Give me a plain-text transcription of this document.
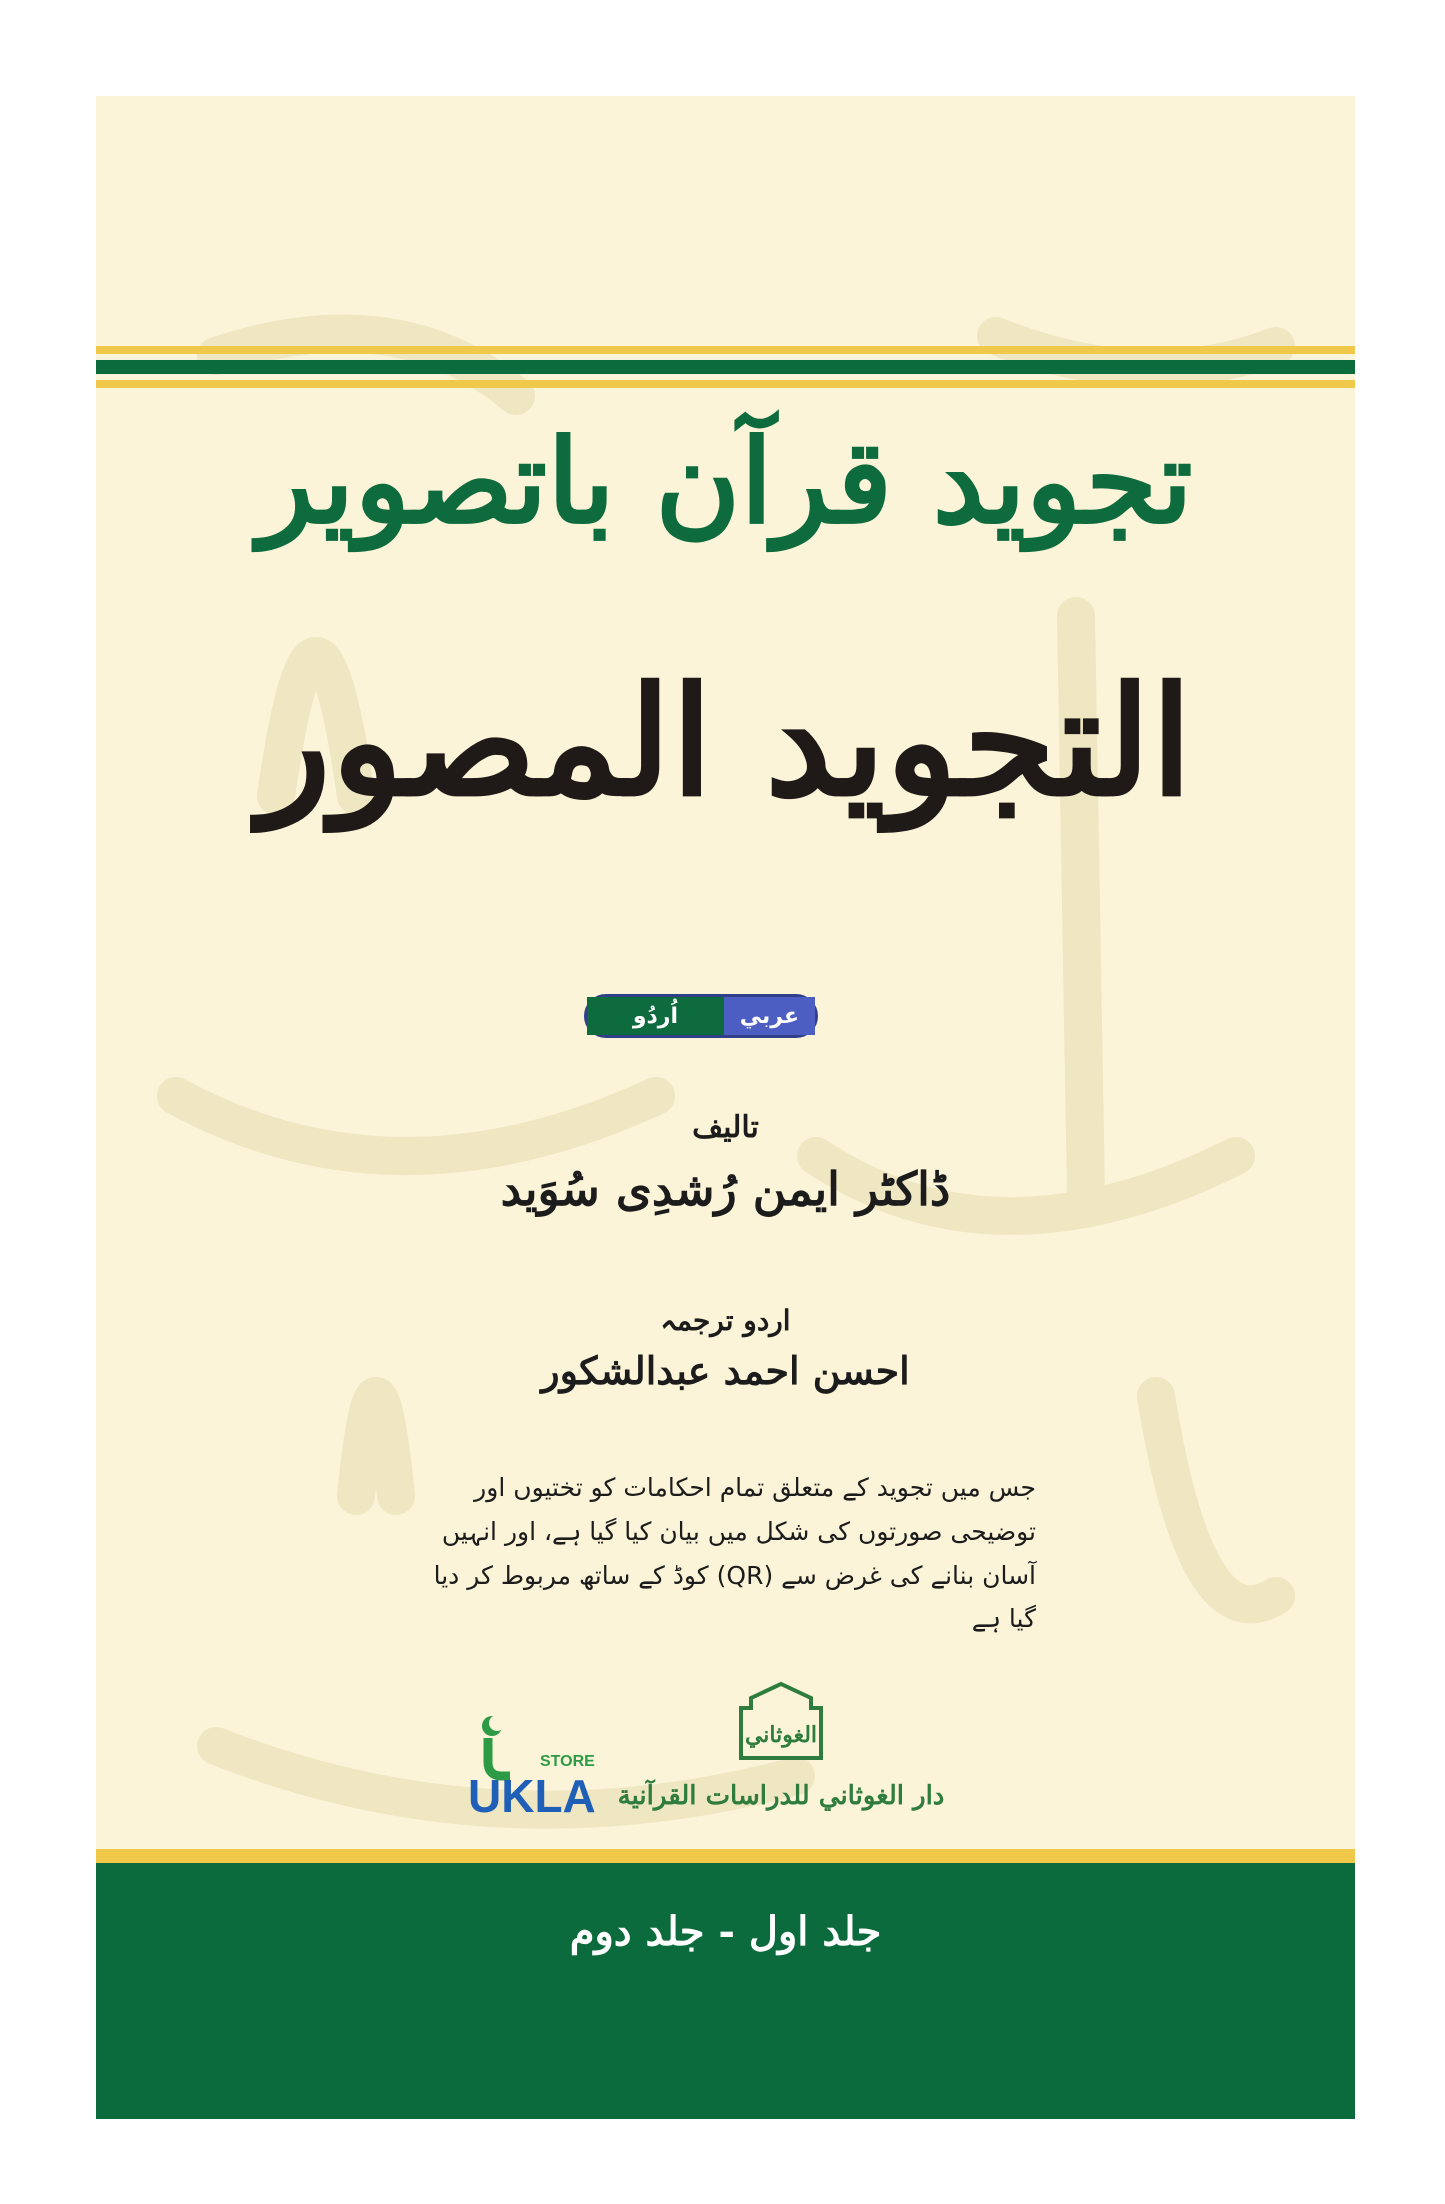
تجوید قرآن باتصویر
التجويد المصور
اُردُو	عربي
تالیف
ڈاکٹر ایمن رُشدِی سُوَید
اردو ترجمہ
احسن احمد عبدالشکور
جس میں تجوید کے متعلق تمام احکامات کو تختیوں اور توضیحی صورتوں کی شکل میں بیان کیا گیا ہے، اور انہیں آسان بنانے کی غرض سے (QR) کوڈ کے ساتھ مربوط کر دیا گیا ہے
STORE
UKLA
الغوثاني
دار الغوثاني للدراسات القرآنية
جلد اول - جلد دوم
